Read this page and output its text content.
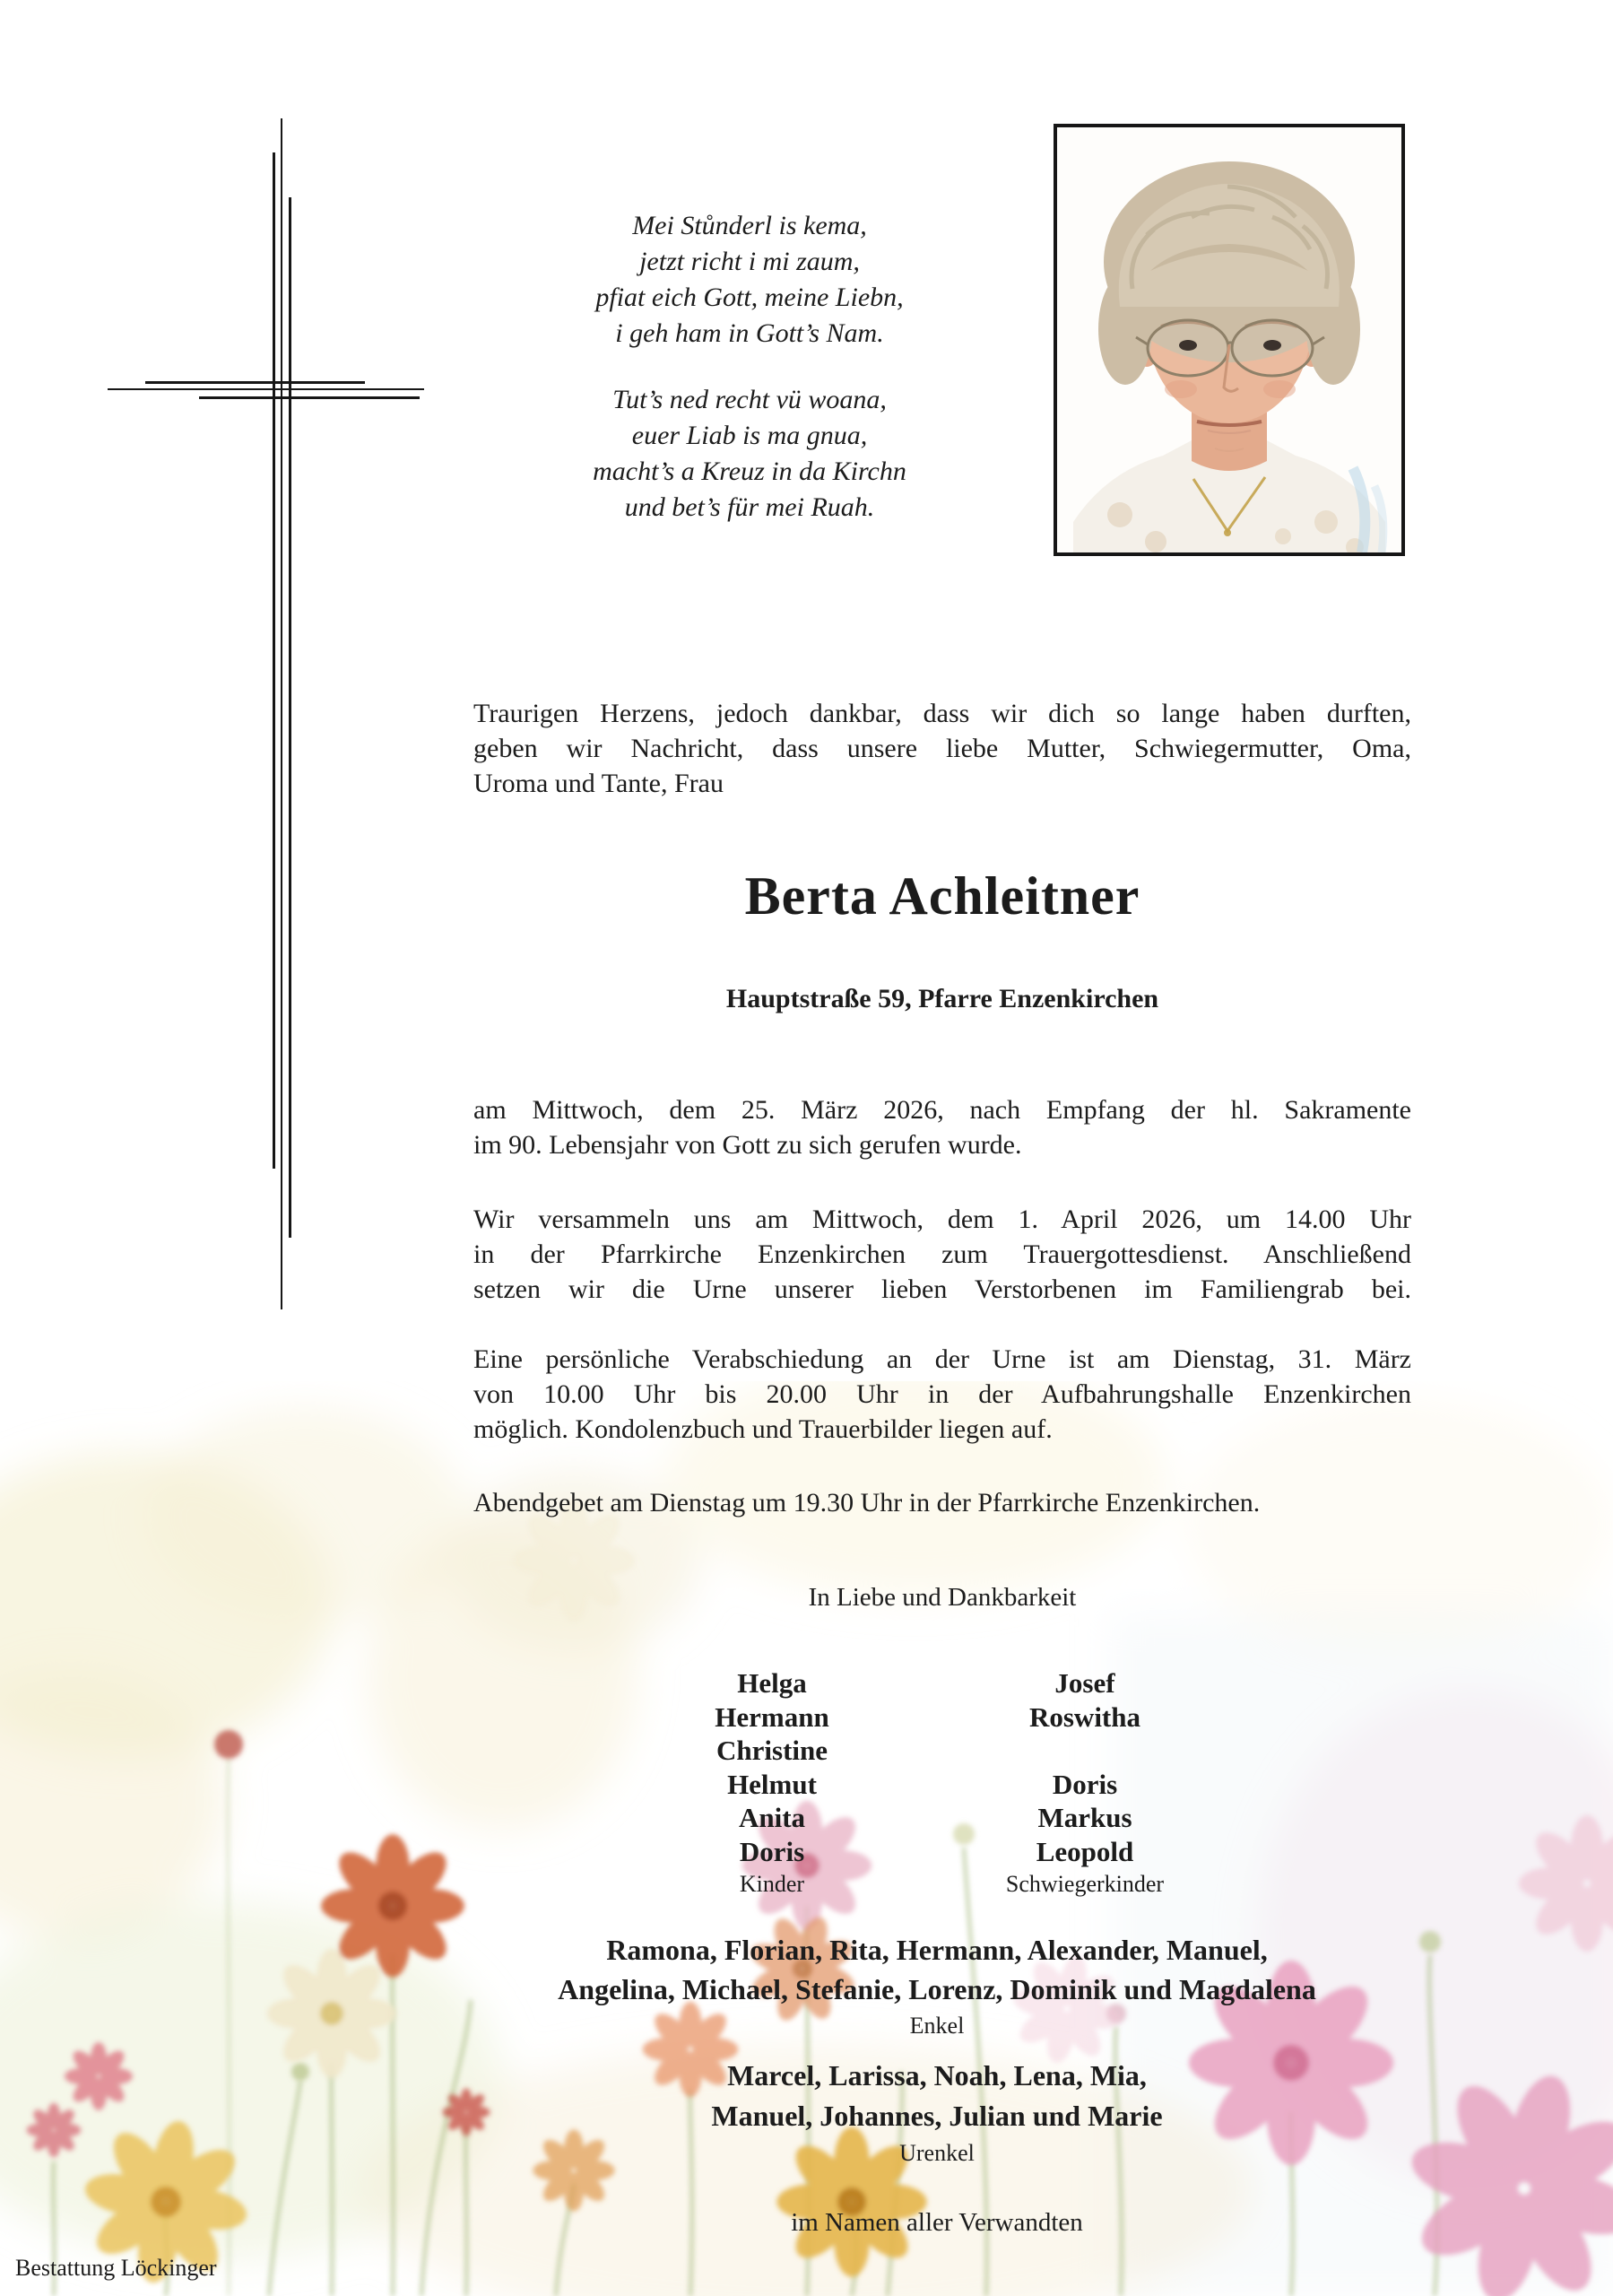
Mei Stůnderl is kema,
jetzt richt i mi zaum,
pfiat eich Gott, meine Liebn,
i geh ham in Gott’s Nam.
Tut’s ned recht vü woana,
euer Liab is ma gnua,
macht’s a Kreuz in da Kirchn
und bet’s für mei Ruah.
Traurigen Herzens, jedoch dankbar, dass wir dich so lange haben durften,
geben wir Nachricht, dass unsere liebe Mutter, Schwiegermutter, Oma,
Uroma und Tante, Frau
Berta Achleitner
Hauptstraße 59, Pfarre Enzenkirchen
am Mittwoch, dem 25. März 2026, nach Empfang der hl. Sakramente
im 90. Lebensjahr von Gott zu sich gerufen wurde.
Wir versammeln uns am Mittwoch, dem 1. April 2026, um 14.00 Uhr
in der Pfarrkirche Enzenkirchen zum Trauergottesdienst. Anschließend
setzen wir die Urne unserer lieben Verstorbenen im Familiengrab bei.
Eine persönliche Verabschiedung an der Urne ist am Dienstag, 31. März
von 10.00 Uhr bis 20.00 Uhr in der Aufbahrungshalle Enzenkirchen
möglich. Kondolenzbuch und Trauerbilder liegen auf.
Abendgebet am Dienstag um 19.30 Uhr in der Pfarrkirche Enzenkirchen.
In Liebe und Dankbarkeit
Helga
Hermann
Christine
Helmut
Anita
Doris
Kinder
Josef
Roswitha

Doris
Markus
Leopold
Schwiegerkinder
Ramona, Florian, Rita, Hermann, Alexander, Manuel,
Angelina, Michael, Stefanie, Lorenz, Dominik und Magdalena
Enkel
Marcel, Larissa, Noah, Lena, Mia,
Manuel, Johannes, Julian und Marie
Urenkel
im Namen aller Verwandten
Bestattung Löckinger
